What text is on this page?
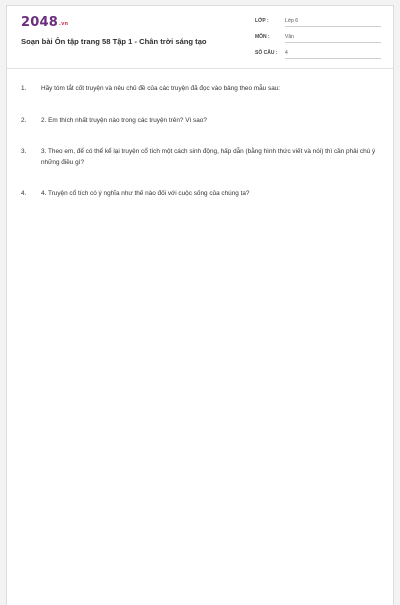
2048.vn
Soạn bài Ôn tập trang 58 Tập 1 - Chân trời sáng tạo
LỚP :	Lớp 6
MÔN :	Văn
SỐ CÂU : 4
1. Hãy tóm tắt cốt truyện và nêu chủ đề của các truyện đã đọc vào bảng theo mẫu sau:
2. 2. Em thích nhất truyện nào trong các truyện trên? Vì sao?
3. 3. Theo em, để có thể kể lại truyện cổ tích một cách sinh động, hấp dẫn (bằng hình thức viết và nói) thì cần phải chú ý những điều gì?
4. 4. Truyện cổ tích có ý nghĩa như thế nào đối với cuộc sống của chúng ta?
